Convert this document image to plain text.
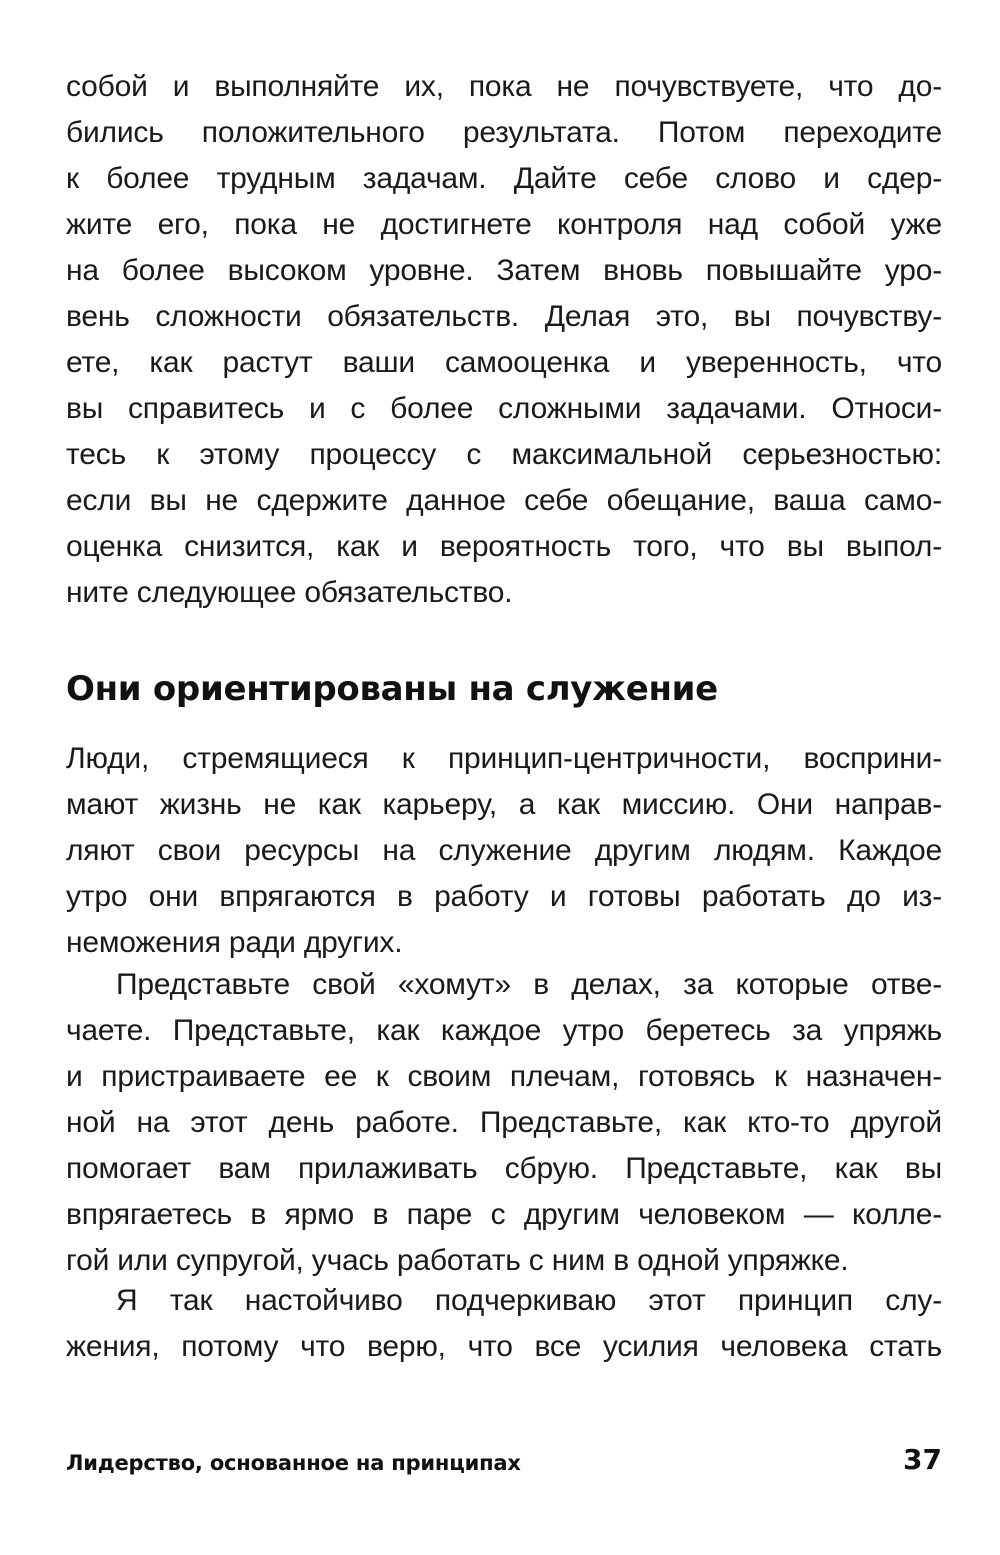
собой и выполняйте их, пока не почувствуете, что до-
бились положительного результата. Потом переходите
к более трудным задачам. Дайте себе слово и сдер-
жите его, пока не достигнете контроля над собой уже
на более высоком уровне. Затем вновь повышайте уро-
вень сложности обязательств. Делая это, вы почувству-
ете, как растут ваши самооценка и уверенность, что
вы справитесь и с более сложными задачами. Относи-
тесь к этому процессу с максимальной серьезностью:
если вы не сдержите данное себе обещание, ваша само-
оценка снизится, как и вероятность того, что вы выпол-
ните следующее обязательство.
Они ориентированы на служение
Люди, стремящиеся к принцип-центричности, восприни-
мают жизнь не как карьеру, а как миссию. Они направ-
ляют свои ресурсы на служение другим людям. Каждое
утро они впрягаются в работу и готовы работать до из-
неможения ради других.
Представьте свой «хомут» в делах, за которые отве-
чаете. Представьте, как каждое утро беретесь за упряжь
и пристраиваете ее к своим плечам, готовясь к назначен-
ной на этот день работе. Представьте, как кто-то другой
помогает вам прилаживать сбрую. Представьте, как вы
впрягаетесь в ярмо в паре с другим человеком — колле-
гой или супругой, учась работать с ним в одной упряжке.
Я так настойчиво подчеркиваю этот принцип слу-
жения, потому что верю, что все усилия человека стать
Лидерство, основанное на принципах	37
